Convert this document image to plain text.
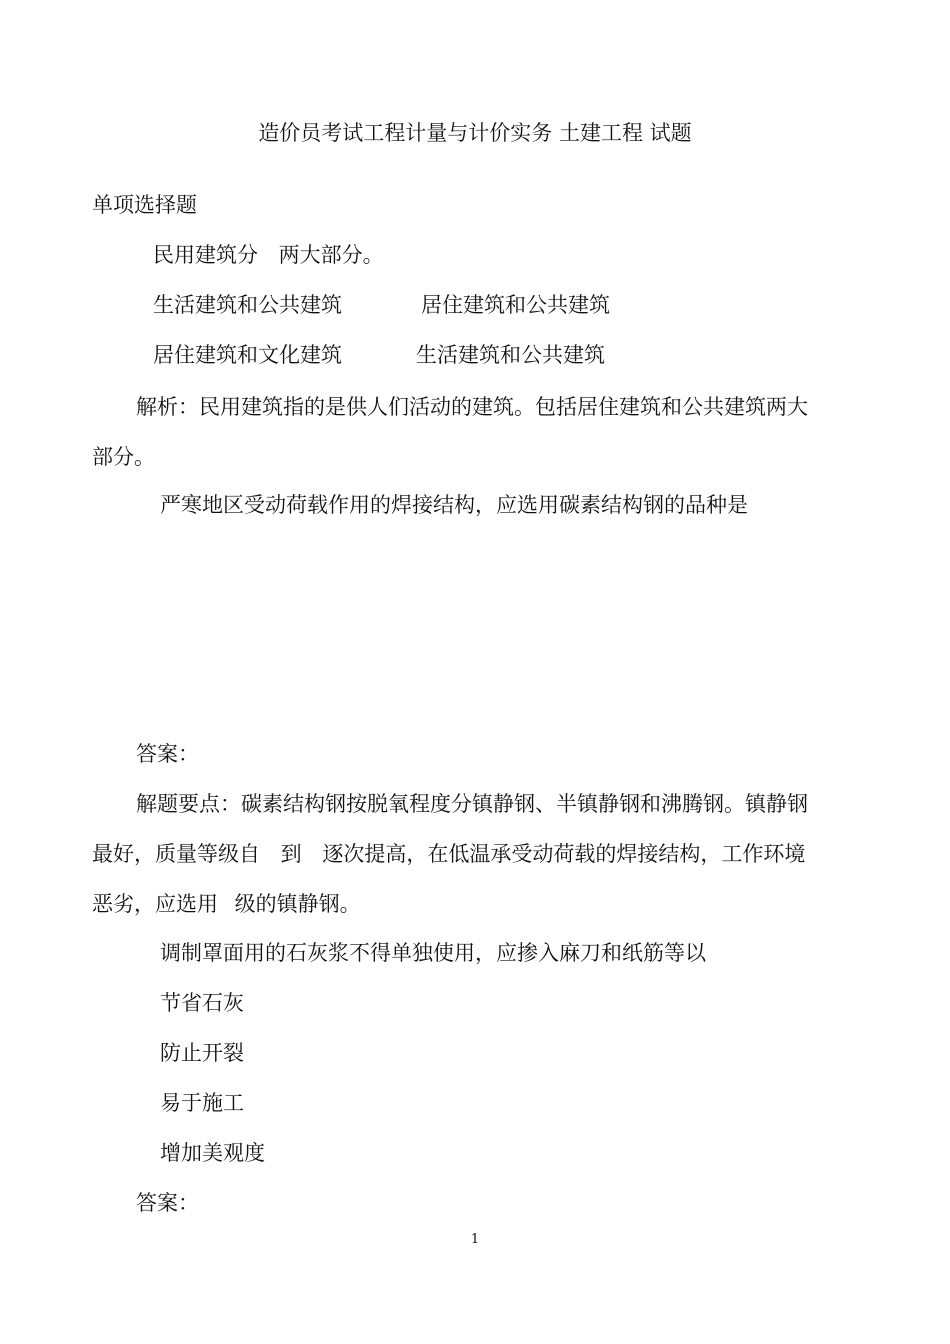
造价员考试工程计量与计价实务 土建工程 试题
单项选择题
民用建筑分 两大部分。
生活建筑和公共建筑	居住建筑和公共建筑
居住建筑和文化建筑	生活建筑和公共建筑
解析：民用建筑指的是供人们活动的建筑。包括居住建筑和公共建筑两大
部分。
严寒地区受动荷载作用的焊接结构，应选用碳素结构钢的品种是
答案：
解题要点：碳素结构钢按脱氧程度分镇静钢、半镇静钢和沸腾钢。镇静钢
最好，质量等级自 到 逐次提高，在低温承受动荷载的焊接结构，工作环境
恶劣，应选用 级的镇静钢。
调制罩面用的石灰浆不得单独使用，应掺入麻刀和纸筋等以
节省石灰
防止开裂
易于施工
增加美观度
答案：
1
